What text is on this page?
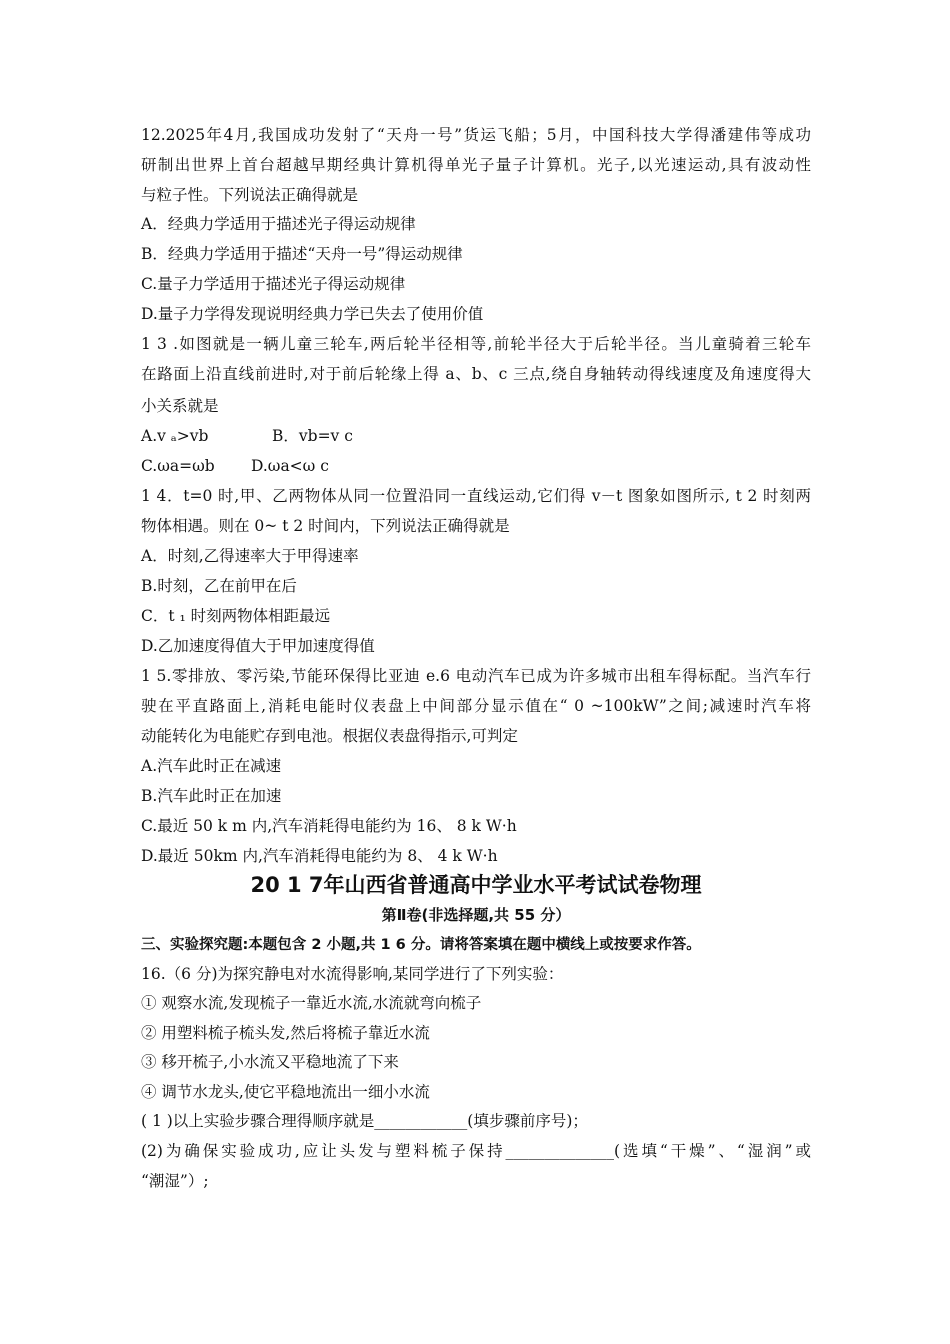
12.2025年4月,我国成功发射了“天舟一号”货运飞船；5月，中国科技大学得潘建伟等成功
研制出世界上首台超越早期经典计算机得单光子量子计算机。光子,以光速运动,具有波动性
与粒子性。下列说法正确得就是
A．经典力学适用于描述光子得运动规律
B．经典力学适用于描述“天舟一号”得运动规律
C.量子力学适用于描述光子得运动规律
D.量子力学得发现说明经典力学已失去了使用价值
1 3 .如图就是一辆儿童三轮车,两后轮半径相等,前轮半径大于后轮半径。当儿童骑着三轮车
在路面上沿直线前进时,对于前后轮缘上得 a、b、c 三点,绕自身轴转动得线速度及角速度得大
小关系就是
A.v ₐ>vb	B．vb=v c
C.ωa=ωb D.ωa<ω c
1 4．t=0 时,甲、乙两物体从同一位置沿同一直线运动,它们得 v－t 图象如图所示, t 2 时刻两
物体相遇。则在 0~ t 2 时间内，下列说法正确得就是
A．时刻,乙得速率大于甲得速率
B.时刻，乙在前甲在后
C．t ₁ 时刻两物体相距最远
D.乙加速度得值大于甲加速度得值
1 5.零排放、零污染,节能环保得比亚迪 e.6 电动汽车已成为许多城市出租车得标配。当汽车行
驶在平直路面上,消耗电能时仪表盘上中间部分显示值在“ 0 ~100kW”之间;减速时汽车将
动能转化为电能贮存到电池。根据仪表盘得指示,可判定
A.汽车此时正在减速
B.汽车此时正在加速
C.最近 50 k m 内,汽车消耗得电能约为 16、 8 k W·h
D.最近 50km 内,汽车消耗得电能约为 8、 4 k W·h
20 1 7年山西省普通高中学业水平考试试卷物理
第Ⅱ卷(非选择题,共 55 分）
三、实验探究题:本题包含 2 小题,共 1 6 分。请将答案填在题中横线上或按要求作答。
16.（6 分)为探究静电对水流得影响,某同学进行了下列实验：
① 观察水流,发现梳子一靠近水流,水流就弯向梳子
② 用塑料梳子梳头发,然后将梳子靠近水流
③ 移开梳子,小水流又平稳地流了下来
④ 调节水龙头,使它平稳地流出一细小水流
( 1 )以上实验步骤合理得顺序就是____________(填步骤前序号)；
(2)为确保实验成功,应让头发与塑料梳子保持______________(选填“干燥”、“湿润”或
“潮湿”）;
